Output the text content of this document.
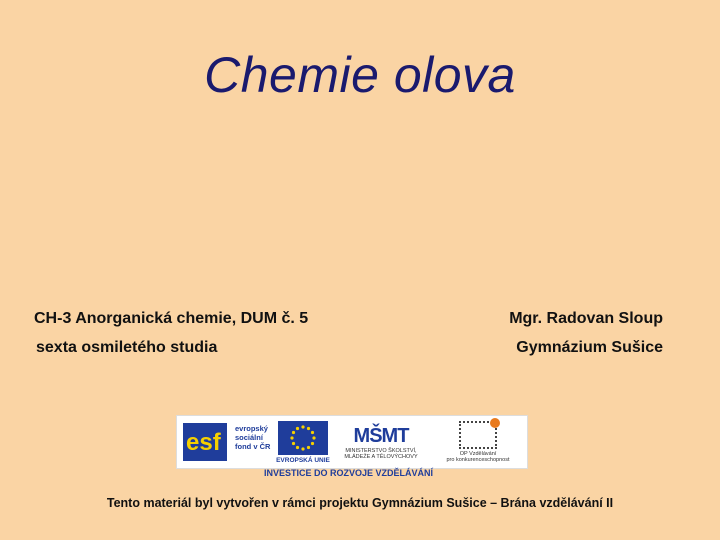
Chemie olova
CH-3 Anorganická chemie, DUM č. 5
sexta osmiletého studia
Mgr. Radovan Sloup
Gymnázium Sušice
esf
evropský
sociální
fond v ČR
EVROPSKÁ UNIE
MŠMT
MINISTERSTVO ŠKOLSTVÍ,
MLÁDEŽE A TĚLOVÝCHOVY	OP Vzdělávání
pro konkurenceschopnost
INVESTICE DO ROZVOJE VZDĚLÁVÁNÍ
Tento materiál byl vytvořen v rámci projektu Gymnázium Sušice – Brána vzdělávání II
